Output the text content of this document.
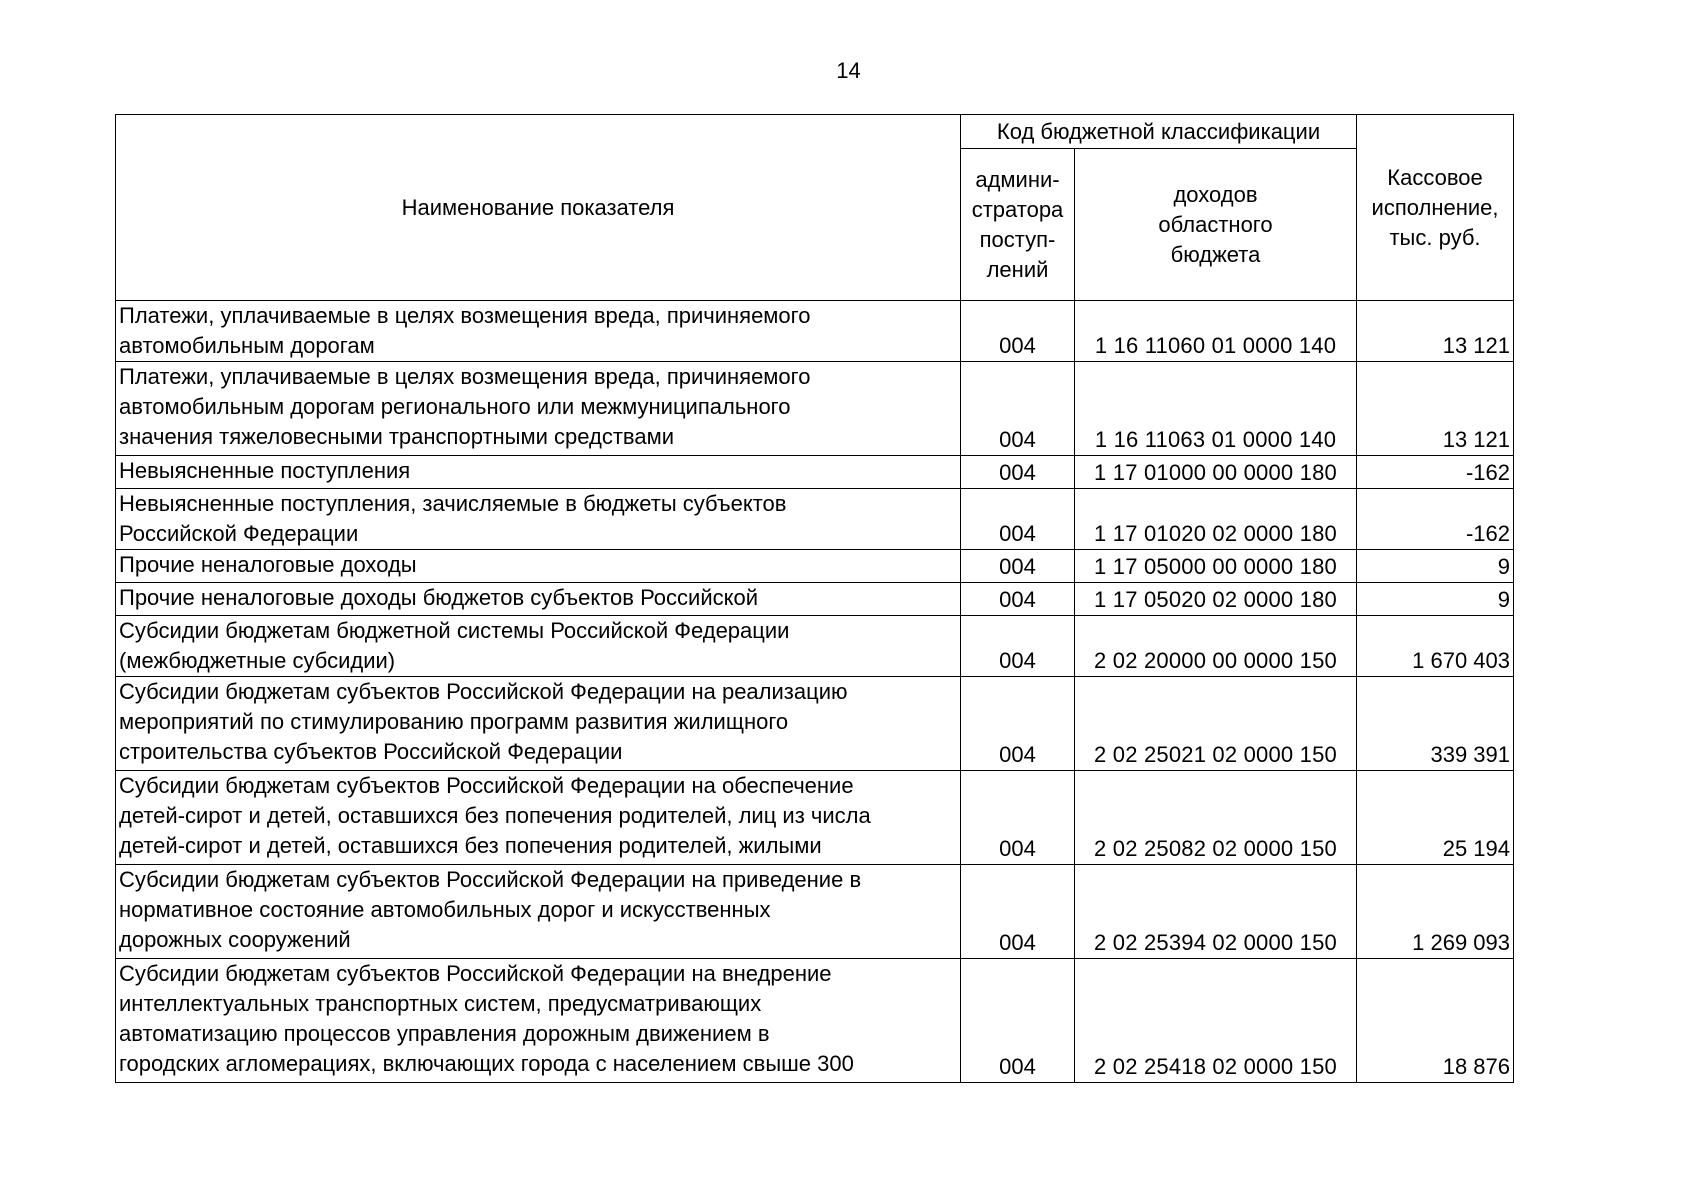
14
Наименование показателя	Код бюджетной классификации		Кассовое
исполнение,
тыс. руб.
	админи-
стратора
поступ-
лений	доходов
областного
бюджета	
Платежи, уплачиваемые в целях возмещения вреда, причиняемого
автомобильным дорогам	004	1 16 11060 01 0000 140	13 121
Платежи, уплачиваемые в целях возмещения вреда, причиняемого
автомобильным дорогам регионального или межмуниципального
значения тяжеловесными транспортными средствами	004	1 16 11063 01 0000 140	13 121
Невыясненные поступления	004	1 17 01000 00 0000 180	-162
Невыясненные поступления, зачисляемые в бюджеты субъектов
Российской Федерации	004	1 17 01020 02 0000 180	-162
Прочие неналоговые доходы	004	1 17 05000 00 0000 180	9
Прочие неналоговые доходы бюджетов субъектов Российской	004	1 17 05020 02 0000 180	9
Субсидии бюджетам бюджетной системы Российской Федерации
(межбюджетные субсидии)	004	2 02 20000 00 0000 150	1 670 403
Субсидии бюджетам субъектов Российской Федерации на реализацию
мероприятий по стимулированию программ развития жилищного
строительства субъектов Российской Федерации	004	2 02 25021 02 0000 150	339 391
Субсидии бюджетам субъектов Российской Федерации на обеспечение
детей-сирот и детей, оставшихся без попечения родителей, лиц из числа
детей-сирот и детей, оставшихся без попечения родителей, жилыми	004	2 02 25082 02 0000 150	25 194
Субсидии бюджетам субъектов Российской Федерации на приведение в
нормативное состояние автомобильных дорог и искусственных
дорожных сооружений	004	2 02 25394 02 0000 150	1 269 093
Субсидии бюджетам субъектов Российской Федерации на внедрение
интеллектуальных транспортных систем, предусматривающих
автоматизацию процессов управления дорожным движением в
городских агломерациях, включающих города с населением свыше 300	004	2 02 25418 02 0000 150	18 876
